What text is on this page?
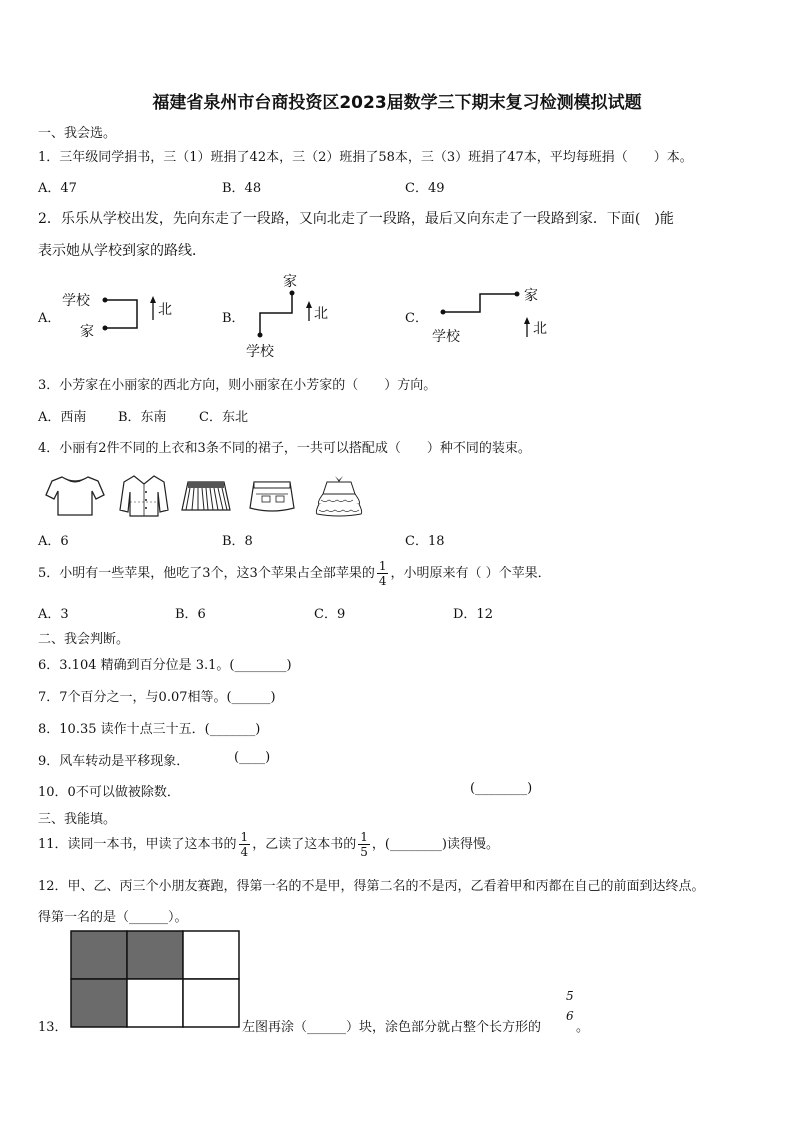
福建省泉州市台商投资区2023届数学三下期末复习检测模拟试题
一、我会选。
1．三年级同学捐书，三（1）班捐了42本，三（2）班捐了58本，三（3）班捐了47本，平均每班捐（　　）本。
A．47	B．48	C．49
2．乐乐从学校出发，先向东走了一段路，又向北走了一段路，最后又向东走了一段路到家．下面(　)能
表示她从学校到家的路线．
A．
学校
家
北
B．
家
学校
北	C．
学校
家
北
3．小芳家在小丽家的西北方向，则小丽家在小芳家的（　　）方向。
A．西南 B．东南 C．东北
4．小丽有2件不同的上衣和3条不同的裙子，一共可以搭配成（　　）种不同的装束。
A．6	B．8	C．18
5．小明有一些苹果，他吃了3个，这3个苹果占全部苹果的 $\frac{1}{4}$ ，小明原来有（ ）个苹果．
A．3	B．6	C．9	D．12
二、我会判断。
6．3.104 精确到百分位是 3.1。(________)
7．7个百分之一，与0.07相等。(______)
8．10.35 读作十点三十五．(_______)
9．风车转动是平移现象．	(____)
10．0不可以做被除数．	(________)
三、我能填。
11．读同一本书，甲读了这本书的 $\frac{1}{4}$ ，乙读了这本书的 $\frac{1}{5}$ ，(________)读得慢。
12．甲、乙、丙三个小朋友赛跑，得第一名的不是甲，得第二名的不是丙，乙看着甲和丙都在自己的前面到达终点。
得第一名的是（______）。
13．	左图再涂（______）块，涂色部分就占整个长方形的
5
6
。
